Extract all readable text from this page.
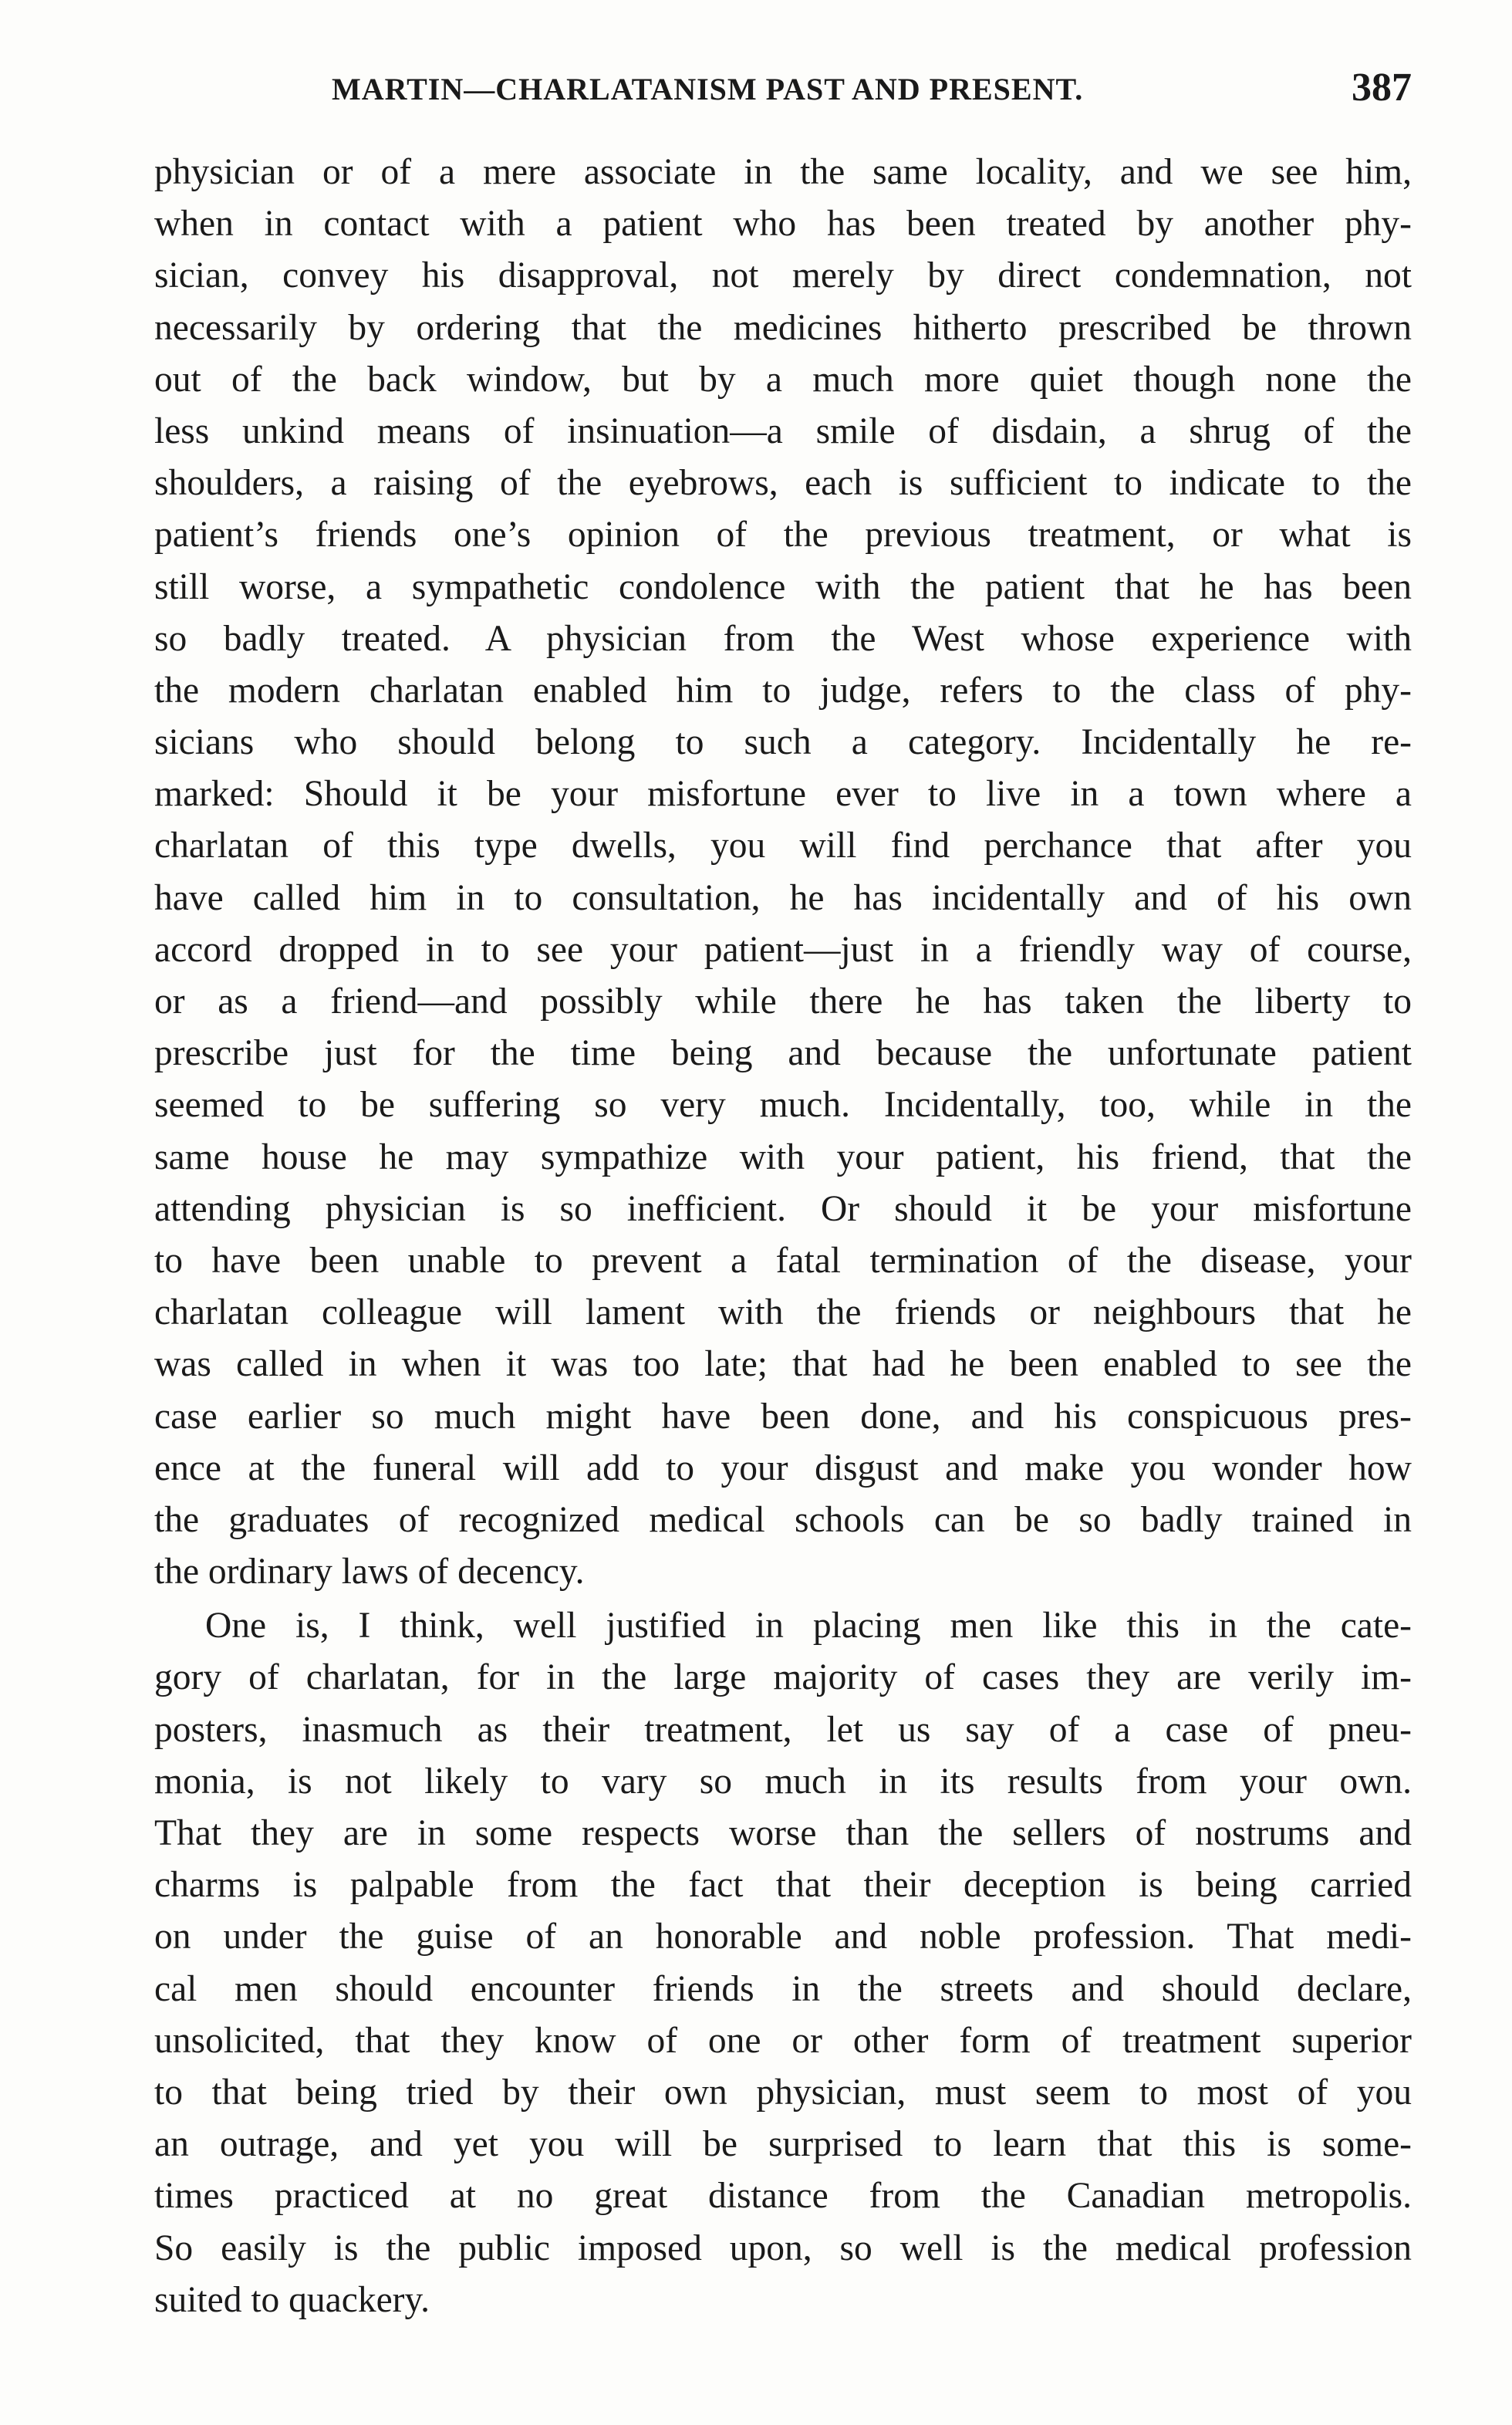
MARTIN—CHARLATANISM PAST AND PRESENT.	387
physician or of a mere associate in the same locality, and we see him,
when in contact with a patient who has been treated by another phy-
sician, convey his disapproval, not merely by direct condemnation, not
necessarily by ordering that the medicines hitherto prescribed be thrown
out of the back window, but by a much more quiet though none the
less unkind means of insinuation—a smile of disdain, a shrug of the
shoulders, a raising of the eyebrows, each is sufficient to indicate to the
patient’s friends one’s opinion of the previous treatment, or what is
still worse, a sympathetic condolence with the patient that he has been
so badly treated. A physician from the West whose experience with
the modern charlatan enabled him to judge, refers to the class of phy-
sicians who should belong to such a category. Incidentally he re-
marked: Should it be your misfortune ever to live in a town where a
charlatan of this type dwells, you will find perchance that after you
have called him in to consultation, he has incidentally and of his own
accord dropped in to see your patient—just in a friendly way of course,
or as a friend—and possibly while there he has taken the liberty to
prescribe just for the time being and because the unfortunate patient
seemed to be suffering so very much. Incidentally, too, while in the
same house he may sympathize with your patient, his friend, that the
attending physician is so inefficient. Or should it be your misfortune
to have been unable to prevent a fatal termination of the disease, your
charlatan colleague will lament with the friends or neighbours that he
was called in when it was too late; that had he been enabled to see the
case earlier so much might have been done, and his conspicuous pres-
ence at the funeral will add to your disgust and make you wonder how
the graduates of recognized medical schools can be so badly trained in
the ordinary laws of decency.
One is, I think, well justified in placing men like this in the cate-
gory of charlatan, for in the large majority of cases they are verily im-
posters, inasmuch as their treatment, let us say of a case of pneu-
monia, is not likely to vary so much in its results from your own.
That they are in some respects worse than the sellers of nostrums and
charms is palpable from the fact that their deception is being carried
on under the guise of an honorable and noble profession. That medi-
cal men should encounter friends in the streets and should declare,
unsolicited, that they know of one or other form of treatment superior
to that being tried by their own physician, must seem to most of you
an outrage, and yet you will be surprised to learn that this is some-
times practiced at no great distance from the Canadian metropolis.
So easily is the public imposed upon, so well is the medical profession
suited to quackery.
